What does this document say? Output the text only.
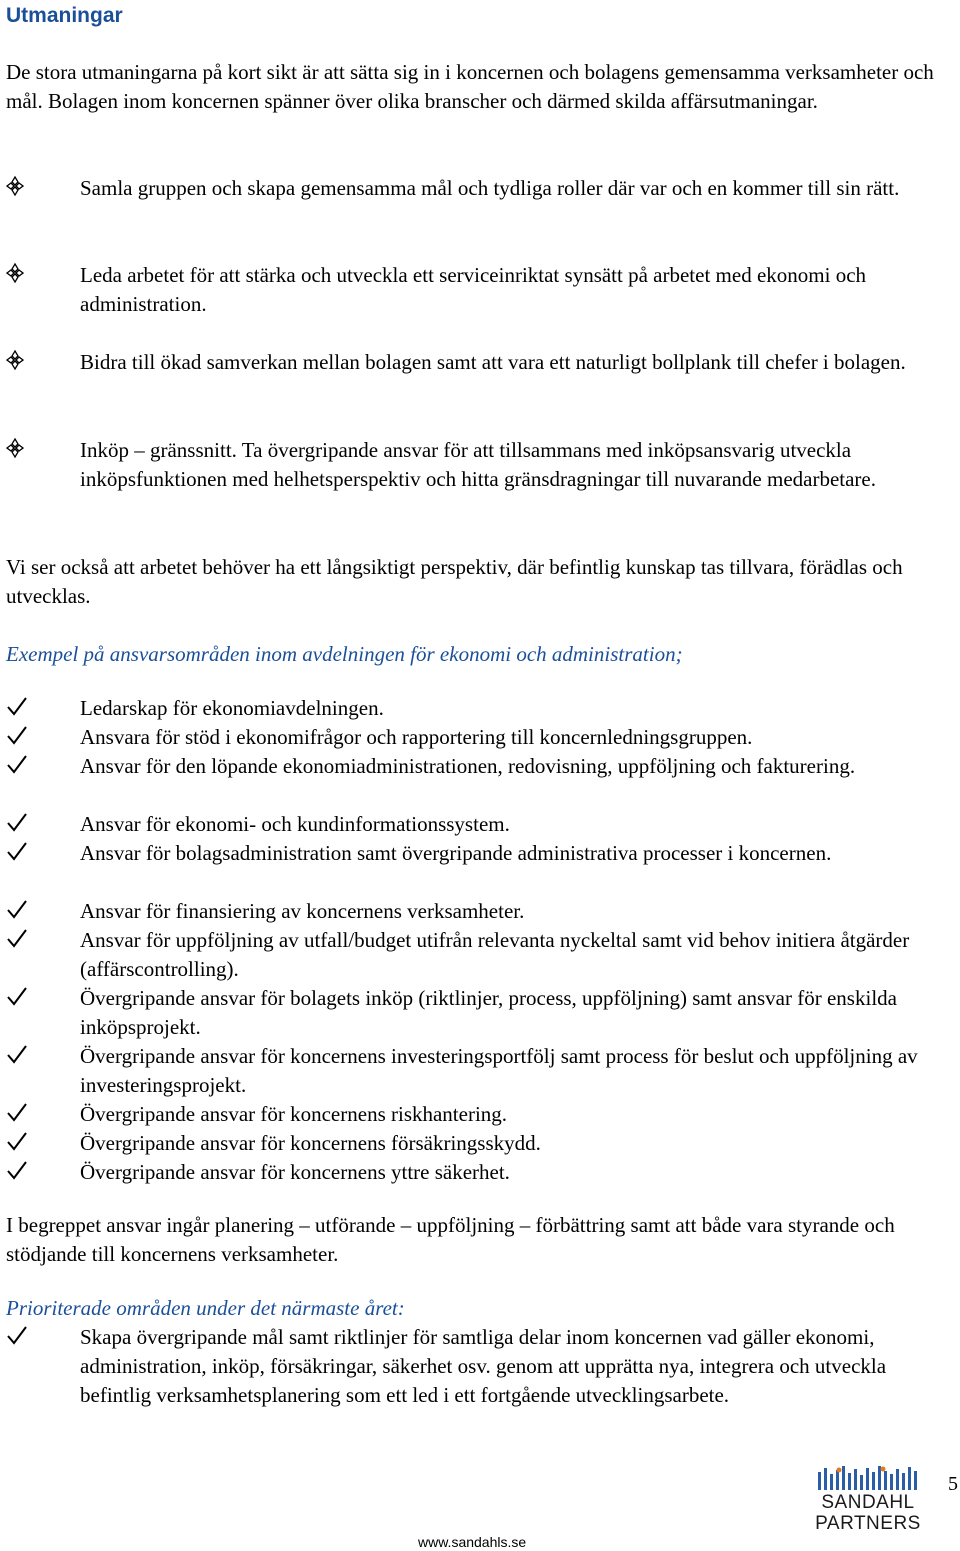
Utmaningar

De stora utmaningarna på kort sikt är att sätta sig in i koncernen och bolagens gemensamma verksamheter och mål. Bolagen inom koncernen spänner över olika branscher och därmed skilda affärsutmaningar.

Samla gruppen och skapa gemensamma mål och tydliga roller där var och en kommer till sin rätt.

Leda arbetet för att stärka och utveckla ett serviceinriktat synsätt på arbetet med ekonomi och administration.

Bidra till ökad samverkan mellan bolagen samt att vara ett naturligt bollplank till chefer i bolagen.

Inköp – gränssnitt. Ta övergripande ansvar för att tillsammans med inköpsansvarig utveckla inköpsfunktionen med helhetsperspektiv och hitta gränsdragningar till nuvarande medarbetare.

Vi ser också att arbetet behöver ha ett långsiktigt perspektiv, där befintlig kunskap tas tillvara, förädlas och utvecklas.

Exempel på ansvarsområden inom avdelningen för ekonomi och administration;

Ledarskap för ekonomiavdelningen.

Ansvara för stöd i ekonomifrågor och rapportering till koncernledningsgruppen.

Ansvar för den löpande ekonomiadministrationen, redovisning, uppföljning och fakturering.

Ansvar för ekonomi- och kundinformationssystem.

Ansvar för bolagsadministration samt övergripande administrativa processer i koncernen.

Ansvar för finansiering av koncernens verksamheter.

Ansvar för uppföljning av utfall/budget utifrån relevanta nyckeltal samt vid behov initiera åtgärder (affärscontrolling).

Övergripande ansvar för bolagets inköp (riktlinjer, process, uppföljning) samt ansvar för enskilda inköpsprojekt.

Övergripande ansvar för koncernens investeringsportfölj samt process för beslut och uppföljning av investeringsprojekt.

Övergripande ansvar för koncernens riskhantering.

Övergripande ansvar för koncernens försäkringsskydd.

Övergripande ansvar för koncernens yttre säkerhet.

I begreppet ansvar ingår planering – utförande – uppföljning – förbättring samt att både vara styrande och stödjande till koncernens verksamheter.

Prioriterade områden under det närmaste året:

Skapa övergripande mål samt riktlinjer för samtliga delar inom koncernen vad gäller ekonomi, administration, inköp, försäkringar, säkerhet osv. genom att upprätta nya, integrera och utveckla befintlig verksamhetsplanering som ett led i ett fortgående utvecklingsarbete.

SANDAHL
PARTNERS
5
www.sandahls.se
